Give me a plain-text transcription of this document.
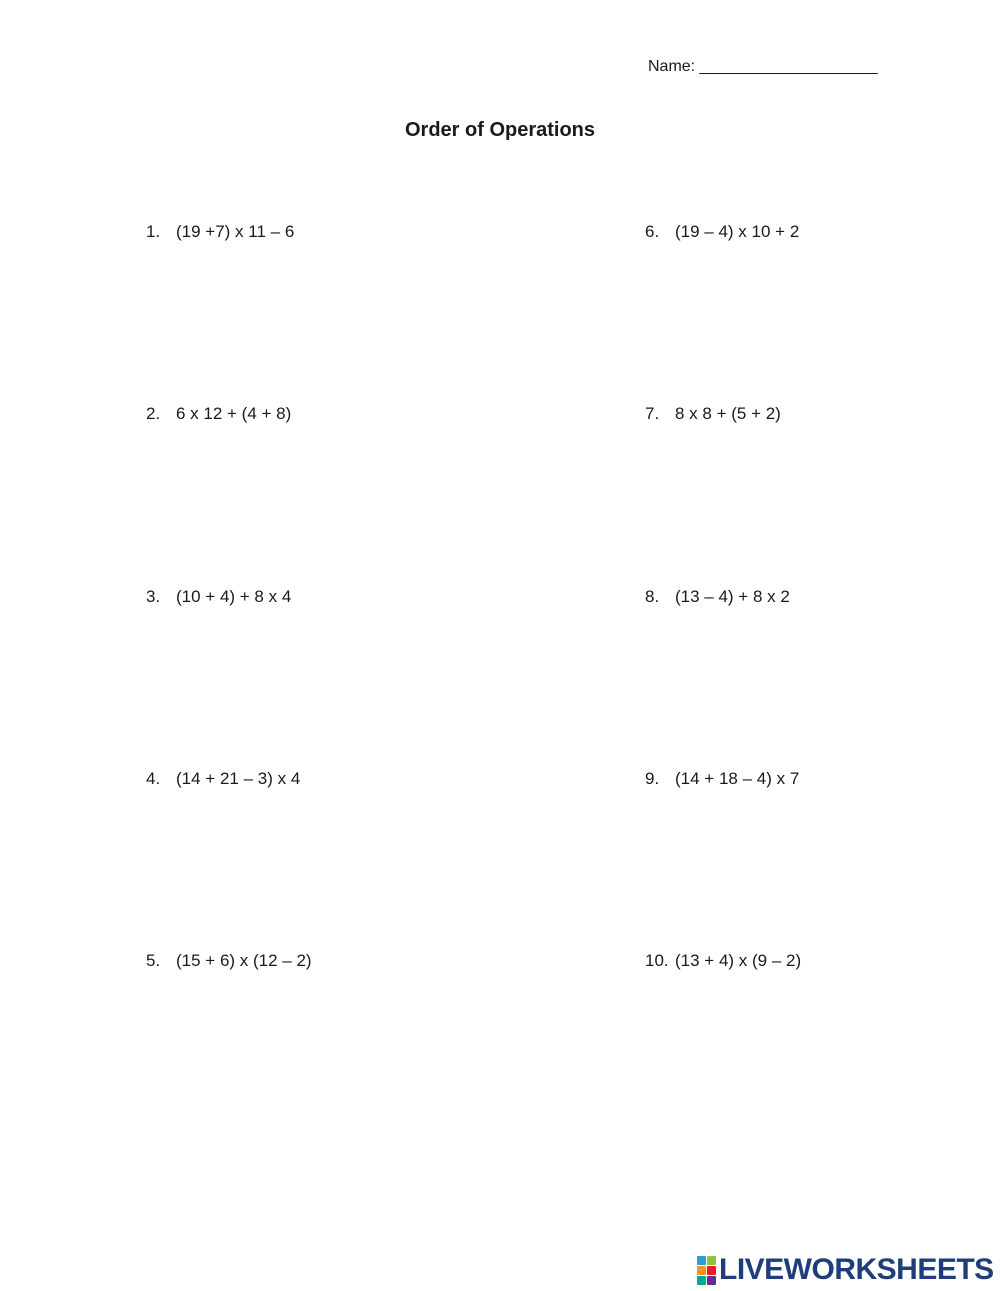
Name: ____________________
Order of Operations
1. (19 +7) x 11 – 6
2. 6 x 12 + (4 + 8)
3. (10 + 4) + 8 x 4
4. (14 + 21 – 3) x 4
5. (15 + 6) x (12 – 2)
6. (19 – 4) x 10 + 2
7. 8 x 8 + (5 + 2)
8. (13 – 4) + 8 x 2
9. (14 + 18 – 4) x 7
10. (13 + 4) x (9 – 2)
LIVEWORKSHEETS
